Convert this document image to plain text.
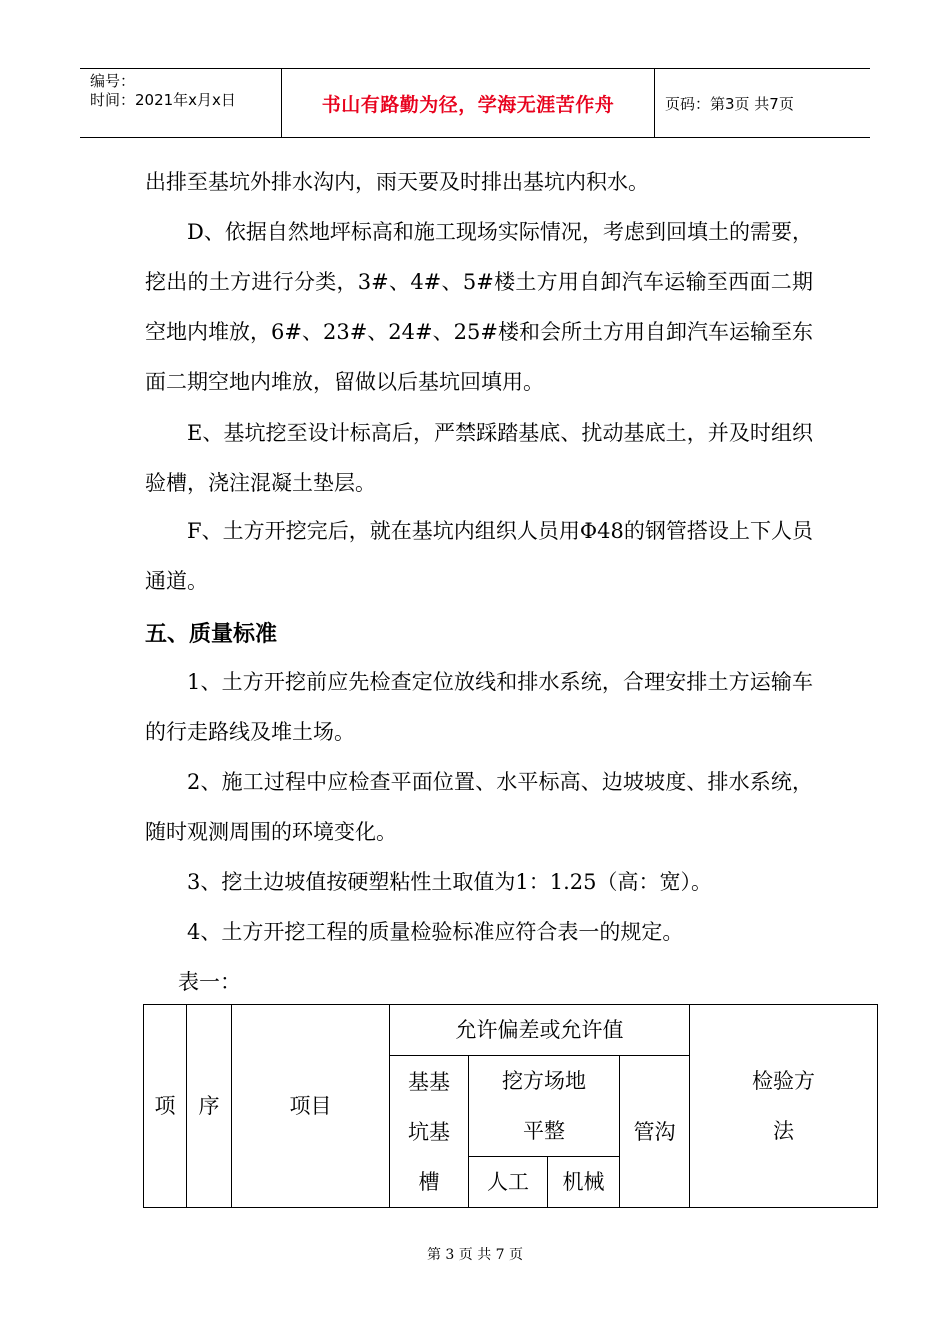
编号：
时间：2021年x月x日	书山有路勤为径，学海无涯苦作舟	页码：第3页 共7页
出排至基坑外排水沟内，雨天要及时排出基坑内积水。
D、依据自然地坪标高和施工现场实际情况，考虑到回填土的需要，挖出的土方进行分类，3#、4#、5#楼土方用自卸汽车运输至西面二期空地内堆放，6#、23#、24#、25#楼和会所土方用自卸汽车运输至东面二期空地内堆放，留做以后基坑回填用。
E、基坑挖至设计标高后，严禁踩踏基底、扰动基底土，并及时组织验槽，浇注混凝土垫层。
F、土方开挖完后，就在基坑内组织人员用Φ48的钢管搭设上下人员通道。
五、质量标准
1、土方开挖前应先检查定位放线和排水系统，合理安排土方运输车的行走路线及堆土场。
2、施工过程中应检查平面位置、水平标高、边坡坡度、排水系统，随时观测周围的环境变化。
3、挖土边坡值按硬塑粘性土取值为1：1.25（高：宽）。
4、土方开挖工程的质量检验标准应符合表一的规定。
表一：
项	序	项目	允许偏差或允许值				检验方法
			基基坑基槽	挖方场地平整		管沟	
				人工	机械		
第 3 页 共 7 页
